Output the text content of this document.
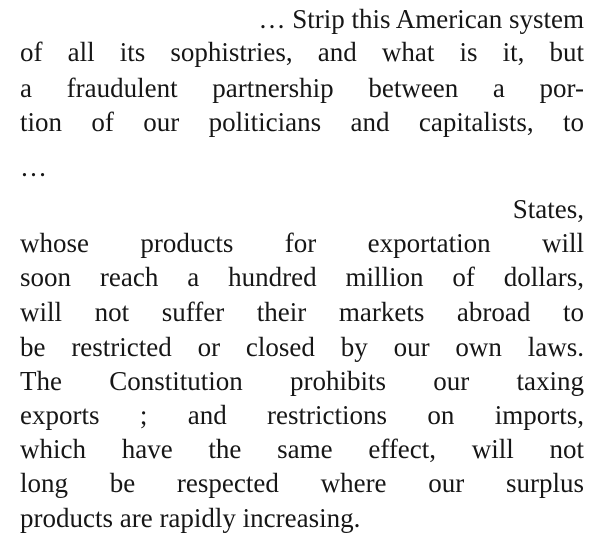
… Strip this American system
of all its sophistries, and what is it, but
a fraudulent partnership between a por-
tion of our politicians and capitalists, to
…
States,
whose products for exportation will
soon reach a hundred million of dollars,
will not suffer their markets abroad to
be restricted or closed by our own laws.
The Constitution prohibits our taxing
exports ; and restrictions on imports,
which have the same effect, will not
long be respected where our surplus
products are rapidly increasing.
